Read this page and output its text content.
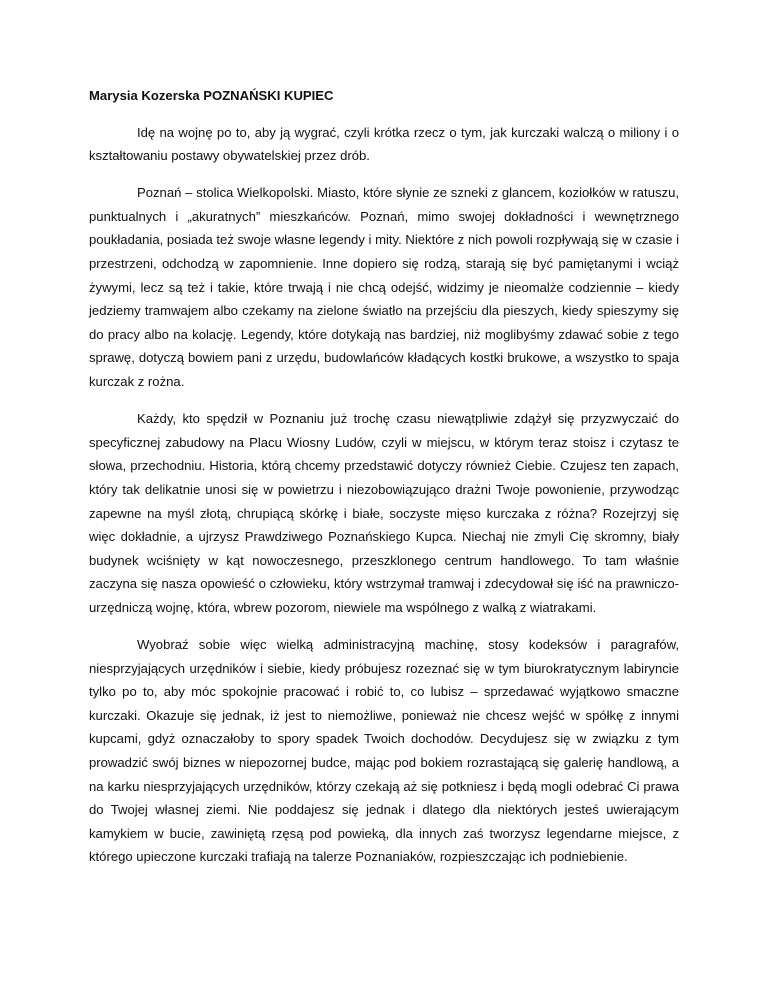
Marysia Kozerska POZNAŃSKI KUPIEC

Idę na wojnę po to, aby ją wygrać, czyli krótka rzecz o tym, jak kurczaki walczą o miliony i o kształtowaniu postawy obywatelskiej przez drób.

Poznań – stolica Wielkopolski. Miasto, które słynie ze szneki z glancem, koziołków w ratuszu, punktualnych i „akuratnych” mieszkańców. Poznań, mimo swojej dokładności i wewnętrznego poukładania, posiada też swoje własne legendy i mity. Niektóre z nich powoli rozpływają się w czasie i przestrzeni, odchodzą w zapomnienie. Inne dopiero się rodzą, starają się być pamiętanymi i wciąż żywymi, lecz są też i takie, które trwają i nie chcą odejść, widzimy je nieomalże codziennie – kiedy jedziemy tramwajem albo czekamy na zielone światło na przejściu dla pieszych, kiedy spieszymy się do pracy albo na kolację. Legendy, które dotykają nas bardziej, niż moglibyśmy zdawać sobie z tego sprawę, dotyczą bowiem pani z urzędu, budowlańców kładących kostki brukowe, a wszystko to spaja kurczak z rożna.

Każdy, kto spędził w Poznaniu już trochę czasu niewątpliwie zdążył się przyzwyczaić do specyficznej zabudowy na Placu Wiosny Ludów, czyli w miejscu, w którym teraz stoisz i czytasz te słowa, przechodniu. Historia, którą chcemy przedstawić dotyczy również Ciebie. Czujesz ten zapach, który tak delikatnie unosi się w powietrzu i niezobowiązująco drażni Twoje powonienie, przywodząc zapewne na myśl złotą, chrupiącą skórkę i białe, soczyste mięso kurczaka z różna? Rozejrzyj się więc dokładnie, a ujrzysz Prawdziwego Poznańskiego Kupca. Niechaj nie zmyli Cię skromny, biały budynek wciśnięty w kąt nowoczesnego, przeszklonego centrum handlowego. To tam właśnie zaczyna się nasza opowieść o człowieku, który wstrzymał tramwaj i zdecydował się iść na prawniczo-urzędniczą wojnę, która, wbrew pozorom, niewiele ma wspólnego z walką z wiatrakami.

Wyobraź sobie więc wielką administracyjną machinę, stosy kodeksów i paragrafów, niesprzyjających urzędników i siebie, kiedy próbujesz rozeznać się w tym biurokratycznym labiryncie tylko po to, aby móc spokojnie pracować i robić to, co lubisz – sprzedawać wyjątkowo smaczne kurczaki. Okazuje się jednak, iż jest to niemożliwe, ponieważ nie chcesz wejść w spółkę z innymi kupcami, gdyż oznaczałoby to spory spadek Twoich dochodów. Decydujesz się w związku z tym prowadzić swój biznes w niepozornej budce, mając pod bokiem rozrastającą się galerię handlową, a na karku niesprzyjających urzędników, którzy czekają aż się potkniesz i będą mogli odebrać Ci prawa do Twojej własnej ziemi. Nie poddajesz się jednak i dlatego dla niektórych jesteś uwierającym kamykiem w bucie, zawiniętą rzęsą pod powieką, dla innych zaś tworzysz legendarne miejsce, z którego upieczone kurczaki trafiają na talerze Poznaniaków, rozpieszczając ich podniebienie.
